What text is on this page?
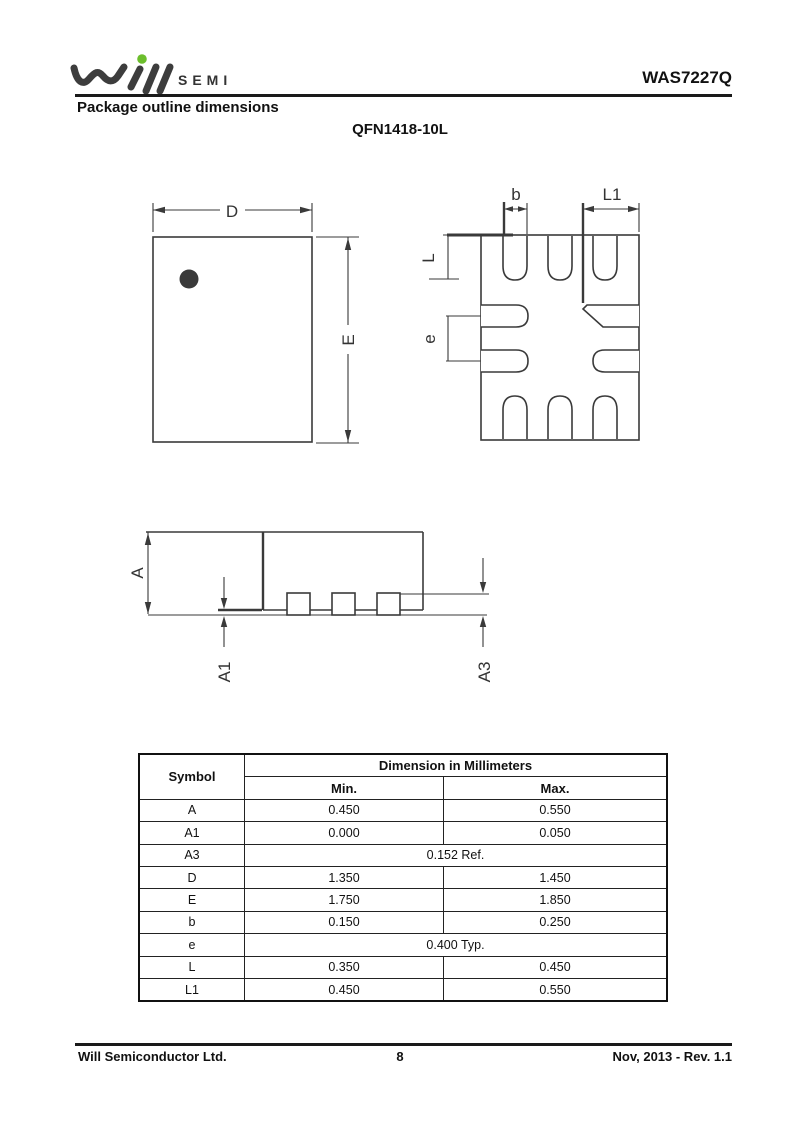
SEMI	WAS7227Q
Package outline dimensions
QFN1418-10L
D
E
b	L1
L
e
A
A1	A3
Symbol	Dimension in Millimeters	
	Min.	Max.
A	0.450	0.550
A1	0.000	0.050
A3	0.152 Ref.	
D	1.350	1.450
E	1.750	1.850
b	0.150	0.250
e	0.400 Typ.	
L	0.350	0.450
L1	0.450	0.550
Will Semiconductor Ltd.	8	Nov, 2013 - Rev. 1.1
